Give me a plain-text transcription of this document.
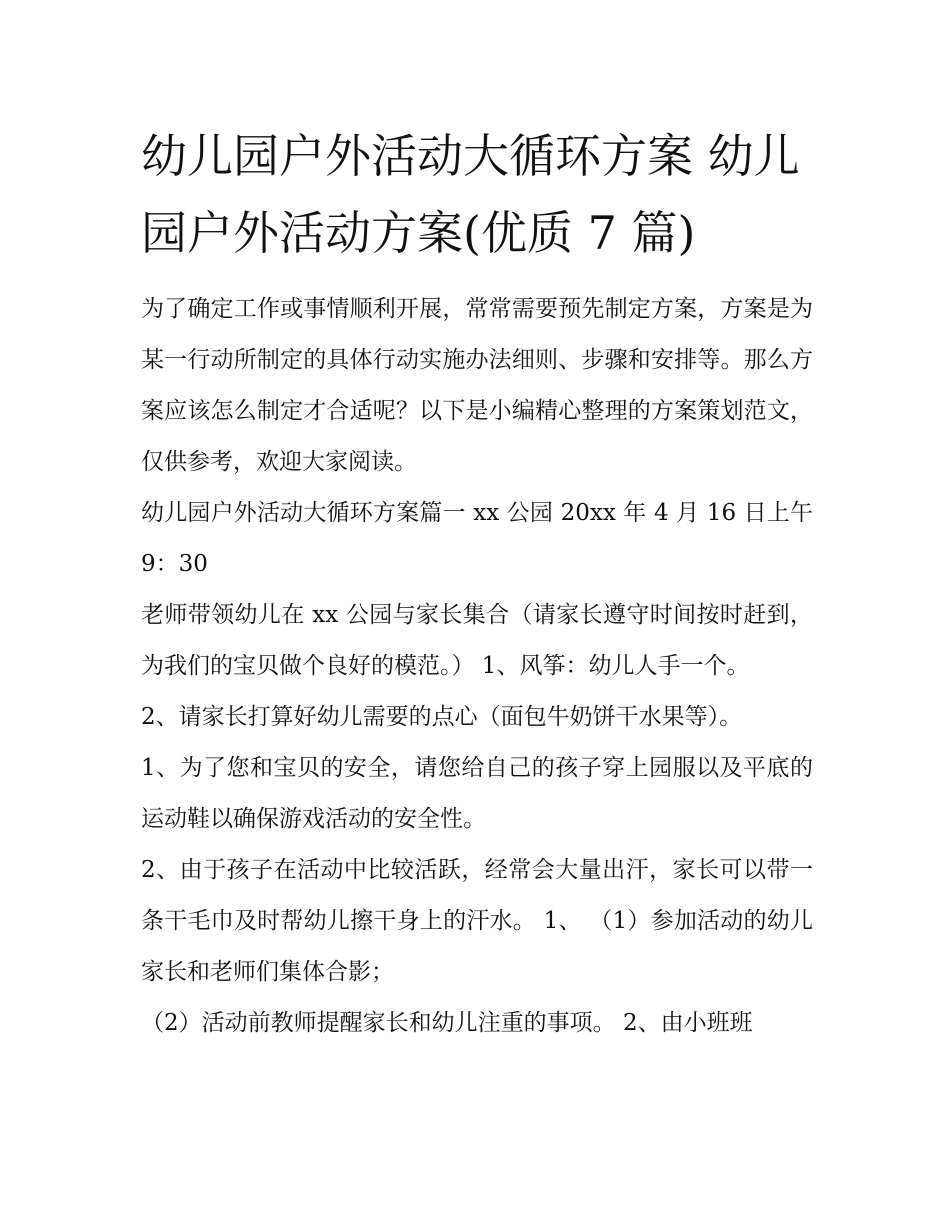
幼儿园户外活动大循环方案 幼儿园户外活动方案(优质 7 篇)

为了确定工作或事情顺利开展，常常需要预先制定方案，方案是为某一行动所制定的具体行动实施办法细则、步骤和安排等。那么方案应该怎么制定才合适呢？以下是小编精心整理的方案策划范文，仅供参考，欢迎大家阅读。

幼儿园户外活动大循环方案篇一 xx 公园 20xx 年 4 月 16 日上午 9：30

老师带领幼儿在 xx 公园与家长集合（请家长遵守时间按时赶到，为我们的宝贝做个良好的模范。） 1、风筝：幼儿人手一个。

2、请家长打算好幼儿需要的点心（面包牛奶饼干水果等）。

1、为了您和宝贝的安全，请您给自己的孩子穿上园服以及平底的运动鞋以确保游戏活动的安全性。

2、由于孩子在活动中比较活跃，经常会大量出汗，家长可以带一条干毛巾及时帮幼儿擦干身上的汗水。 1、 （1）参加活动的幼儿家长和老师们集体合影；

（2）活动前教师提醒家长和幼儿注重的事项。 2、由小班班
